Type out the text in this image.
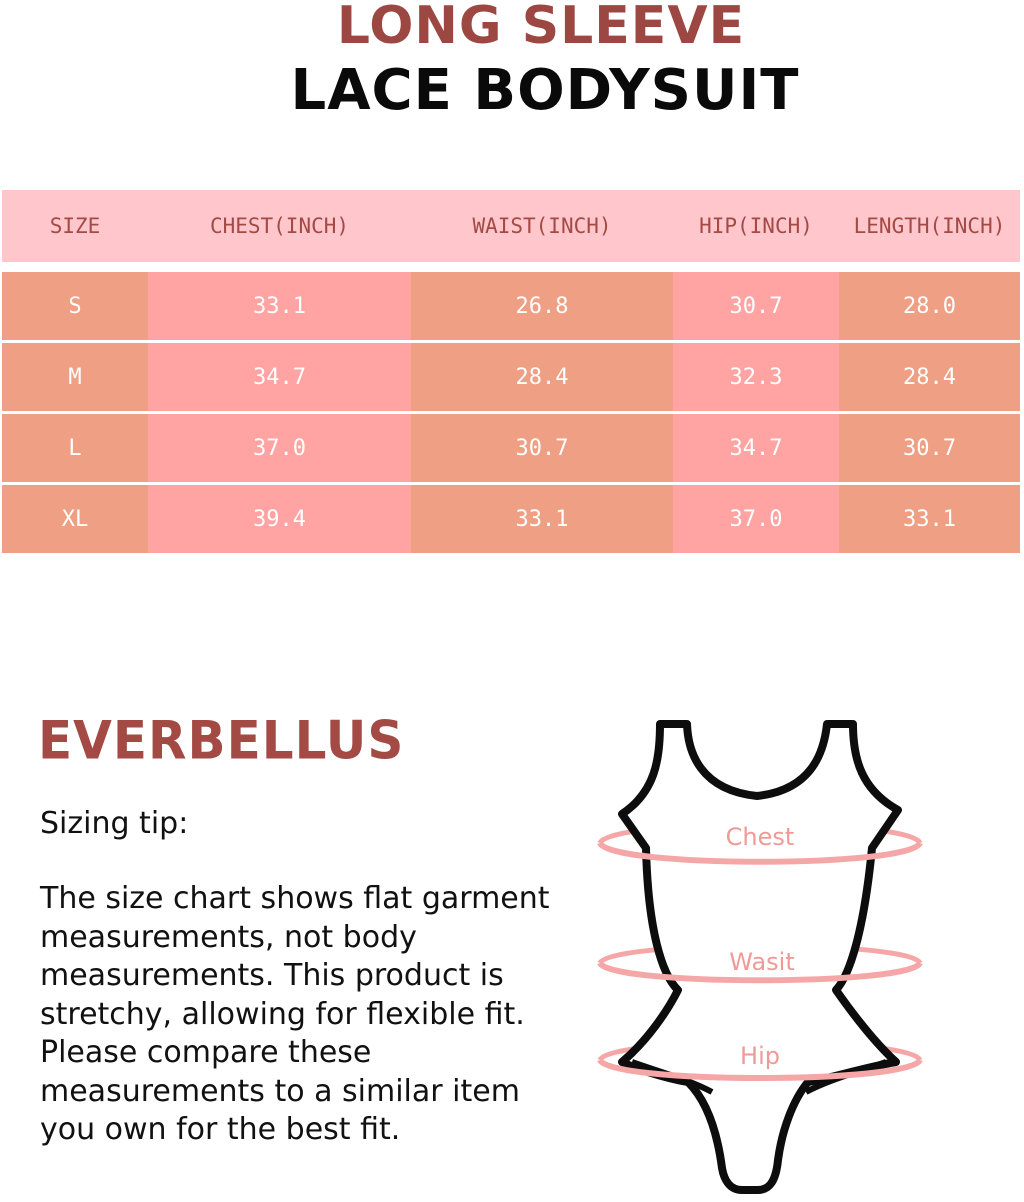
LONG SLEEVE
LACE BODYSUIT
SIZE	CHEST(INCH)	WAIST(INCH)	HIP(INCH)	LENGTH(INCH)
S	33.1	26.8	30.7	28.0
M	34.7	28.4	32.3	28.4
L	37.0	30.7	34.7	30.7
XL	39.4	33.1	37.0	33.1
EVERBELLUS
Sizing tip:
The size chart shows flat garment
measurements, not body
measurements. This product is
stretchy, allowing for flexible fit.
Please compare these
measurements to a similar item
you own for the best fit.
Chest
Wasit
Hip
